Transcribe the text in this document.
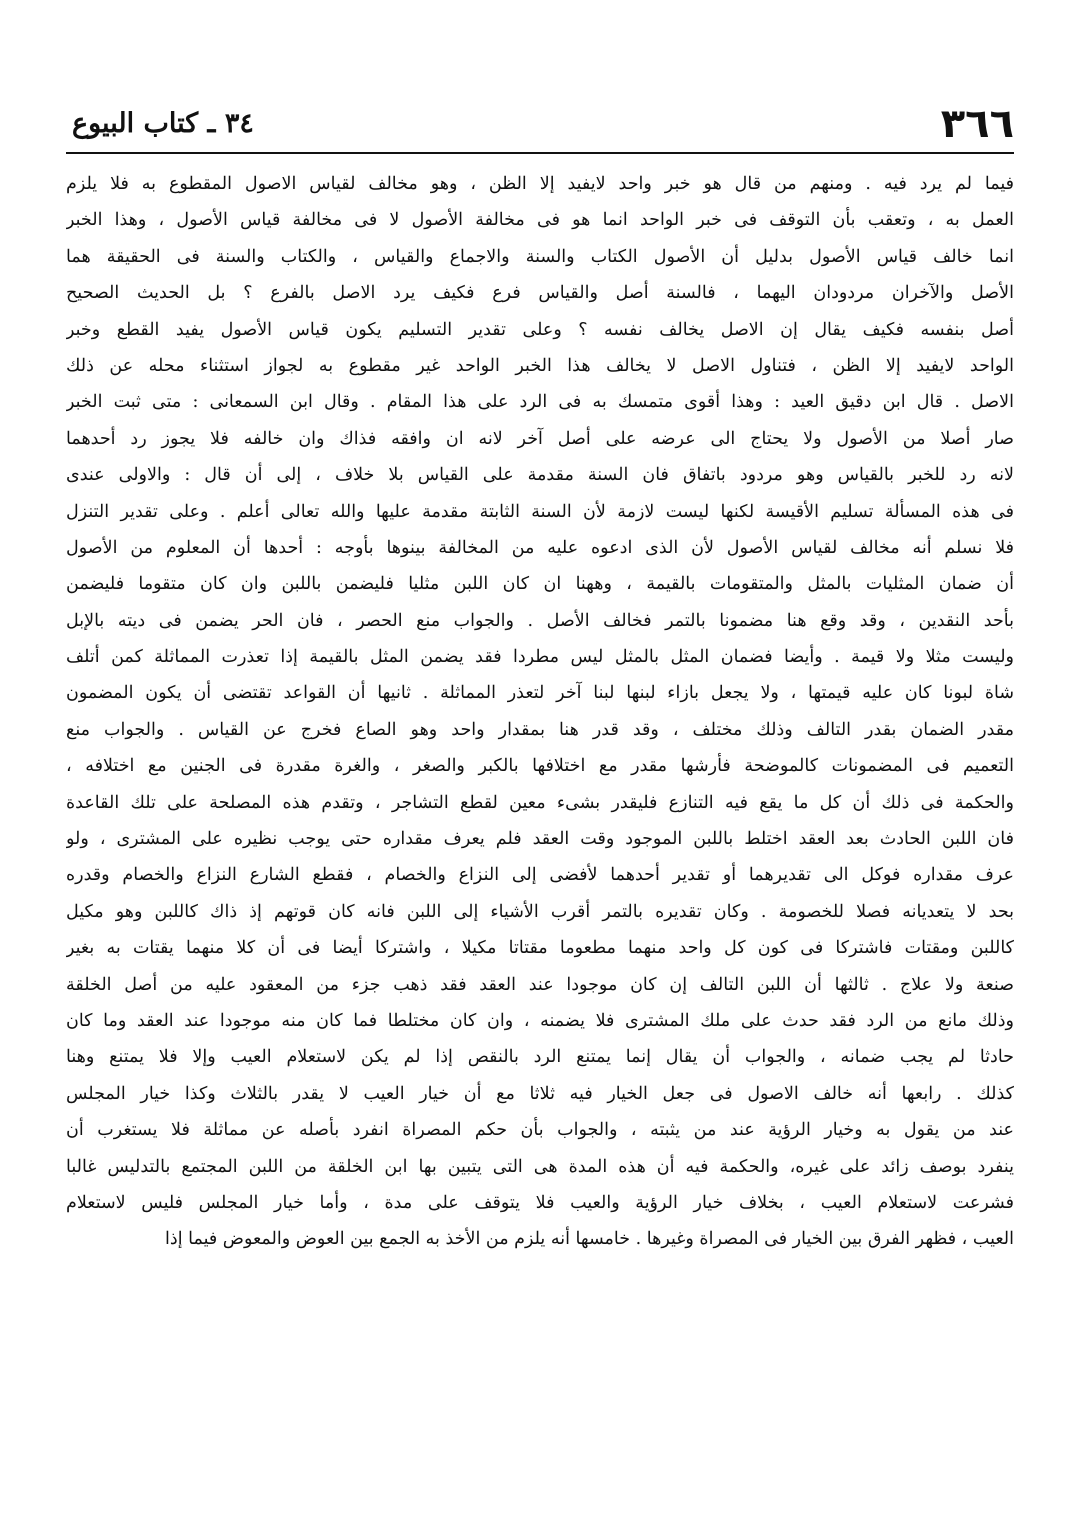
٣٦٦
٣٤ ـ كتاب البيوع
فيما لم يرد فيه . ومنهم من قال هو خبر واحد لايفيد إلا الظن ، وهو مخالف لقياس الاصول المقطوع به فلا يلزم
العمل به ، وتعقب بأن التوقف فى خبر الواحد انما هو فى مخالفة الأصول لا فى مخالفة قياس الأصول ، وهذا الخبر
انما خالف قياس الأصول بدليل أن الأصول الكتاب والسنة والاجماع والقياس ، والكتاب والسنة فى الحقيقة هما
الأصل والآخران مردودان اليهما ، فالسنة أصل والقياس فرع فكيف يرد الاصل بالفرع ؟ بل الحديث الصحيح
أصل بنفسه فكيف يقال إن الاصل يخالف نفسه ؟ وعلى تقدير التسليم يكون قياس الأصول يفيد القطع وخبر
الواحد لايفيد إلا الظن ، فتناول الاصل لا يخالف هذا الخبر الواحد غير مقطوع به لجواز استثناء محله عن ذلك
الاصل . قال ابن دقيق العيد : وهذا أقوى متمسك به فى الرد على هذا المقام . وقال ابن السمعانى : متى ثبت الخبر
صار أصلا من الأصول ولا يحتاج الى عرضه على أصل آخر لانه ان وافقه فذاك وان خالفه فلا يجوز رد أحدهما
لانه رد للخبر بالقياس وهو مردود باتفاق فان السنة مقدمة على القياس بلا خلاف ، إلى أن قال : والاولى عندى
فى هذه المسألة تسليم الأقيسة لكنها ليست لازمة لأن السنة الثابتة مقدمة عليها والله تعالى أعلم . وعلى تقدير التنزل
فلا نسلم أنه مخالف لقياس الأصول لأن الذى ادعوه عليه من المخالفة بينوها بأوجه : أحدها أن المعلوم من الأصول
أن ضمان المثليات بالمثل والمتقومات بالقيمة ، وههنا ان كان اللبن مثليا فليضمن باللبن وان كان متقوما فليضمن
بأحد النقدين ، وقد وقع هنا مضمونا بالتمر فخالف الأصل . والجواب منع الحصر ، فان الحر يضمن فى ديته بالإبل
وليست مثلا ولا قيمة . وأيضا فضمان المثل بالمثل ليس مطردا فقد يضمن المثل بالقيمة إذا تعذرت المماثلة كمن أتلف
شاة لبونا كان عليه قيمتها ، ولا يجعل بازاء لبنها لبنا آخر لتعذر المماثلة . ثانيها أن القواعد تقتضى أن يكون المضمون
مقدر الضمان بقدر التالف وذلك مختلف ، وقد قدر هنا بمقدار واحد وهو الصاع فخرج عن القياس . والجواب منع
التعميم فى المضمونات كالموضحة فأرشها مقدر مع اختلافها بالكبر والصغر ، والغرة مقدرة فى الجنين مع اختلافه ،
والحكمة فى ذلك أن كل ما يقع فيه التنازع فليقدر بشىء معين لقطع التشاجر ، وتقدم هذه المصلحة على تلك القاعدة
فان اللبن الحادث بعد العقد اختلط باللبن الموجود وقت العقد فلم يعرف مقداره حتى يوجب نظيره على المشترى ، ولو
عرف مقداره فوكل الى تقديرهما أو تقدير أحدهما لأفضى إلى النزاع والخصام ، فقطع الشارع النزاع والخصام وقدره
بحد لا يتعديانه فصلا للخصومة . وكان تقديره بالتمر أقرب الأشياء إلى اللبن فانه كان قوتهم إذ ذاك كاللبن وهو مكيل
كاللبن ومقتات فاشتركا فى كون كل واحد منهما مطعوما مقتاتا مكيلا ، واشتركا أيضا فى أن كلا منهما يقتات به بغير
صنعة ولا علاج . ثالثها أن اللبن التالف إن كان موجودا عند العقد فقد ذهب جزء من المعقود عليه من أصل الخلقة
وذلك مانع من الرد فقد حدث على ملك المشترى فلا يضمنه ، وان كان مختلطا فما كان منه موجودا عند العقد وما كان
حادثا لم يجب ضمانه ، والجواب أن يقال إنما يمتنع الرد بالنقص إذا لم يكن لاستعلام العيب وإلا فلا يمتنع وهنا
كذلك . رابعها أنه خالف الاصول فى جعل الخيار فيه ثلاثا مع أن خيار العيب لا يقدر بالثلاث وكذا خيار المجلس
عند من يقول به وخيار الرؤية عند من يثبته ، والجواب بأن حكم المصراة انفرد بأصله عن مماثلة فلا يستغرب أن
ينفرد بوصف زائد على غيره، والحكمة فيه أن هذه المدة هى التى يتبين بها ابن الخلقة من اللبن المجتمع بالتدليس غالبا
فشرعت لاستعلام العيب ، بخلاف خيار الرؤية والعيب فلا يتوقف على مدة ، وأما خيار المجلس فليس لاستعلام
العيب ، فظهر الفرق بين الخيار فى المصراة وغيرها . خامسها أنه يلزم من الأخذ به الجمع بين العوض والمعوض فيما إذا
